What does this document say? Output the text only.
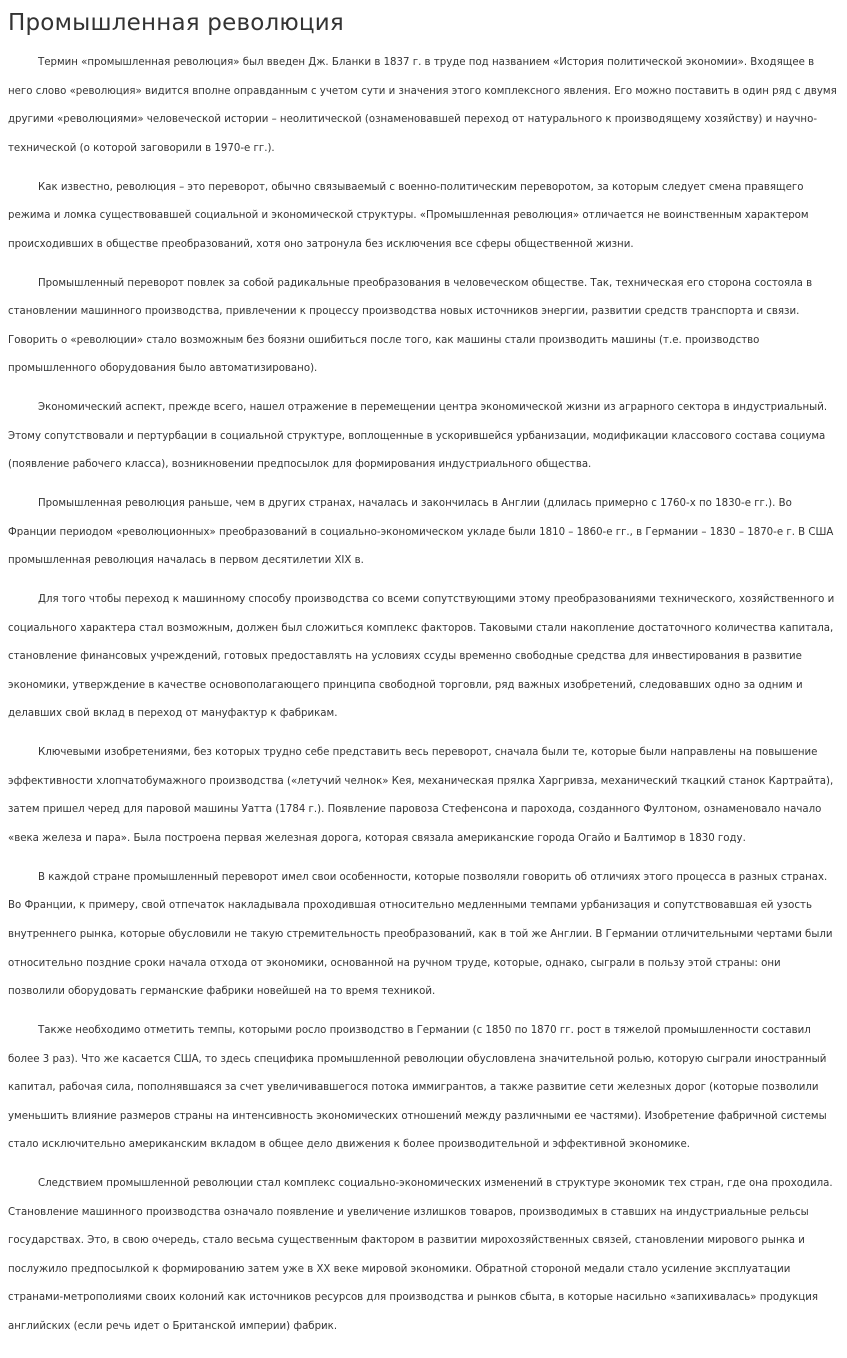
Промышленная революция

Термин «промышленная революция» был введен Дж. Бланки в 1837 г. в труде под названием «История политической экономии». Входящее в него слово «революция» видится вполне оправданным с учетом сути и значения этого комплексного явления. Его можно поставить в один ряд с двумя другими «революциями» человеческой истории – неолитической (ознаменовавшей переход от натурального к производящему хозяйству) и научно-технической (о которой заговорили в 1970-е гг.).

Как известно, революция – это переворот, обычно связываемый с военно-политическим переворотом, за которым следует смена правящего режима и ломка существовавшей социальной и экономической структуры. «Промышленная революция» отличается не воинственным характером происходивших в обществе преобразований, хотя оно затронула без исключения все сферы общественной жизни.

Промышленный переворот повлек за собой радикальные преобразования в человеческом обществе. Так, техническая его сторона состояла в становлении машинного производства, привлечении к процессу производства новых источников энергии, развитии средств транспорта и связи. Говорить о «революции» стало возможным без боязни ошибиться после того, как машины стали производить машины (т.е. производство промышленного оборудования было автоматизировано).

Экономический аспект, прежде всего, нашел отражение в перемещении центра экономической жизни из аграрного сектора в индустриальный. Этому сопутствовали и пертурбации в социальной структуре, воплощенные в ускорившейся урбанизации, модификации классового состава социума (появление рабочего класса), возникновении предпосылок для формирования индустриального общества.

Промышленная революция раньше, чем в других странах, началась и закончилась в Англии (длилась примерно с 1760-х по 1830-е гг.). Во Франции периодом «революционных» преобразований в социально-экономическом укладе были 1810 – 1860-е гг., в Германии – 1830 – 1870-е г. В США промышленная революция началась в первом десятилетии XIX в.

Для того чтобы переход к машинному способу производства со всеми сопутствующими этому преобразованиями технического, хозяйственного и социального характера стал возможным, должен был сложиться комплекс факторов. Таковыми стали накопление достаточного количества капитала, становление финансовых учреждений, готовых предоставлять на условиях ссуды временно свободные средства для инвестирования в развитие экономики, утверждение в качестве основополагающего принципа свободной торговли, ряд важных изобретений, следовавших одно за одним и делавших свой вклад в переход от мануфактур к фабрикам.

Ключевыми изобретениями, без которых трудно себе представить весь переворот, сначала были те, которые были направлены на повышение эффективности хлопчатобумажного производства («летучий челнок» Кея, механическая прялка Харгривза, механический ткацкий станок Картрайта), затем пришел черед для паровой машины Уатта (1784 г.). Появление паровоза Стефенсона и парохода, созданного Фултоном, ознаменовало начало «века железа и пара». Была построена первая железная дорога, которая связала американские города Огайо и Балтимор в 1830 году.

В каждой стране промышленный переворот имел свои особенности, которые позволяли говорить об отличиях этого процесса в разных странах. Во Франции, к примеру, свой отпечаток накладывала проходившая относительно медленными темпами урбанизация и сопутствовавшая ей узость внутреннего рынка, которые обусловили не такую стремительность преобразований, как в той же Англии. В Германии отличительными чертами были относительно поздние сроки начала отхода от экономики, основанной на ручном труде, которые, однако, сыграли в пользу этой страны: они позволили оборудовать германские фабрики новейшей на то время техникой.

Также необходимо отметить темпы, которыми росло производство в Германии (с 1850 по 1870 гг. рост в тяжелой промышленности составил более 3 раз). Что же касается США, то здесь специфика промышленной революции обусловлена значительной ролью, которую сыграли иностранный капитал, рабочая сила, пополнявшаяся за счет увеличивавшегося потока иммигрантов, а также развитие сети железных дорог (которые позволили уменьшить влияние размеров страны на интенсивность экономических отношений между различными ее частями). Изобретение фабричной системы стало исключительно американским вкладом в общее дело движения к более производительной и эффективной экономике.

Следствием промышленной революции стал комплекс социально-экономических изменений в структуре экономик тех стран, где она проходила. Становление машинного производства означало появление и увеличение излишков товаров, производимых в ставших на индустриальные рельсы государствах. Это, в свою очередь, стало весьма существенным фактором в развитии мирохозяйственных связей, становлении мирового рынка и послужило предпосылкой к формированию затем уже в XX веке мировой экономики. Обратной стороной медали стало усиление эксплуатации странами-метрополиями своих колоний как источников ресурсов для производства и рынков сбыта, в которые насильно «запихивалась» продукция английских (если речь идет о Британской империи) фабрик.
